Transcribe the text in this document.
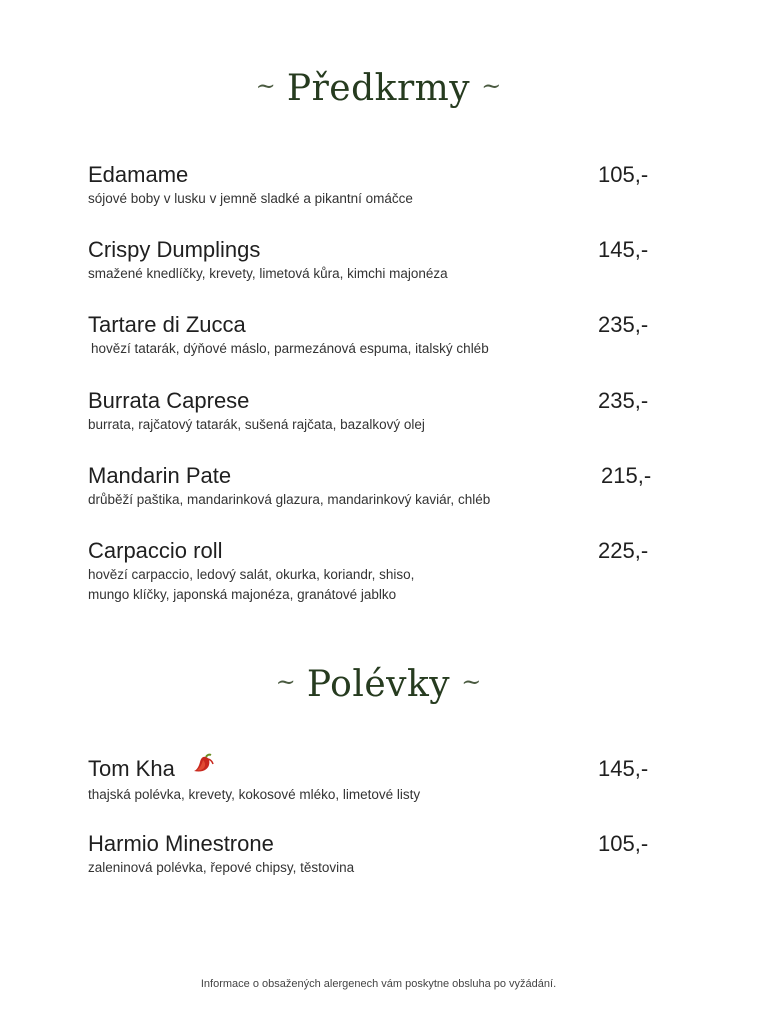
~ Předkrmy ~
Edamame
sójové boby v lusku v jemně sladké a pikantní omáčce
105,-
Crispy Dumplings
smažené knedlíčky, krevety, limetová kůra, kimchi majonéza
145,-
Tartare di Zucca
hovězí tatarák, dýňové máslo, parmezánová espuma, italský chléb
235,-
Burrata Caprese
burrata, rajčatový tatarák, sušená rajčata, bazalkový olej
235,-
Mandarin Pate
drůběží paštika, mandarinková glazura, mandarinkový kaviár, chléb
215,-
Carpaccio roll
hovězí carpaccio, ledový salát, okurka, koriandr, shiso,
mungo klíčky, japonská majonéza, granátové jablko
225,-
~ Polévky ~
Tom Kha
thajská polévka, krevety, kokosové mléko, limetové listy
145,-
Harmio Minestrone
zaleninová polévka, řepové chipsy, těstovina
105,-
Informace o obsažených alergenech vám poskytne obsluha po vyžádání.
